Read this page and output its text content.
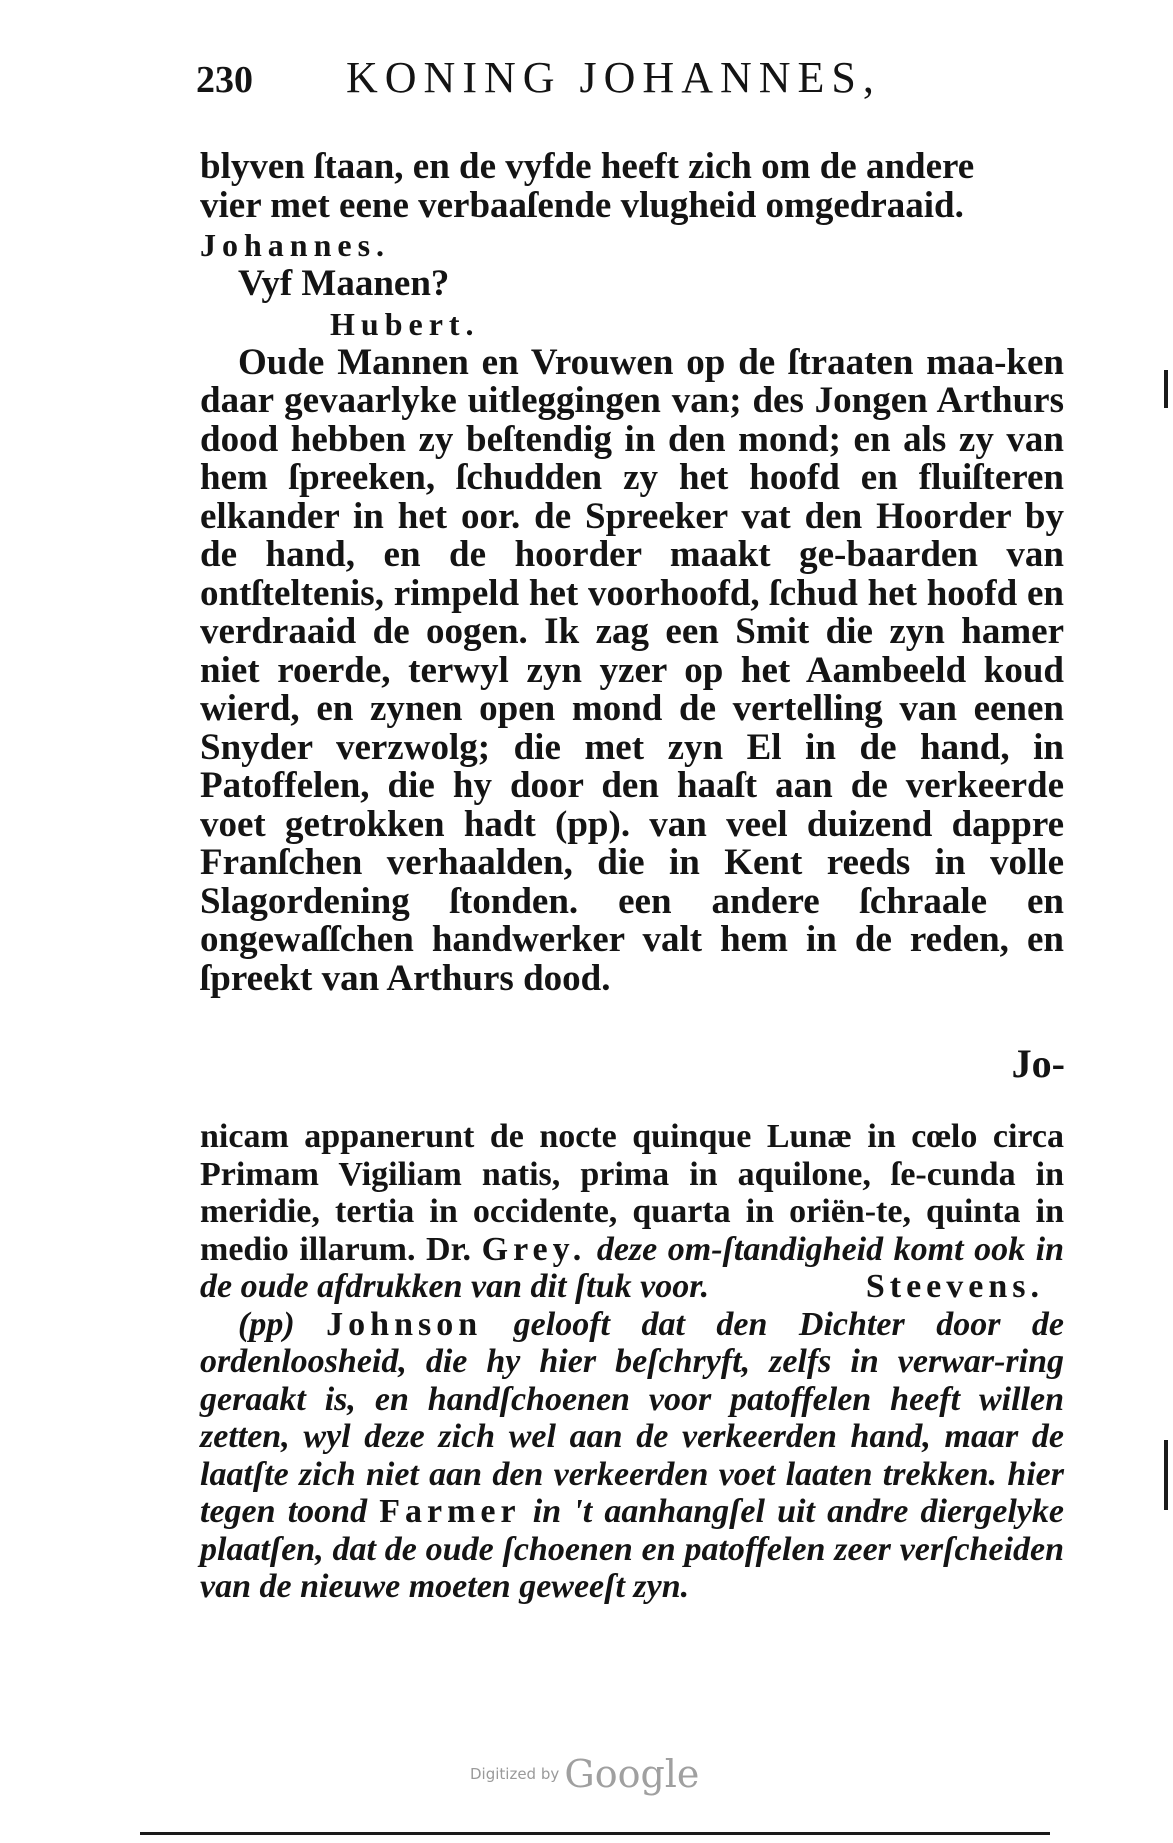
230 KONING JOHANNES,

blyven ſtaan, en de vyfde heeft zich om de andere

vier met eene verbaaſende vlugheid omgedraaid.

Johannes.

Vyf Maanen?

Hubert.

Oude Mannen en Vrouwen op de ſtraaten maa-ken daar gevaarlyke uitleggingen van; des Jongen Arthurs dood hebben zy beſtendig in den mond; en als zy van hem ſpreeken, ſchudden zy het hoofd en fluiſteren elkander in het oor. de Spreeker vat den Hoorder by de hand, en de hoorder maakt ge-baarden van ontſteltenis, rimpeld het voorhoofd, ſchud het hoofd en verdraaid de oogen. Ik zag een Smit die zyn hamer niet roerde, terwyl zyn yzer op het Aambeeld koud wierd, en zynen open mond de vertelling van eenen Snyder verzwolg; die met zyn El in de hand, in Patoffelen, die hy door den haaſt aan de verkeerde voet getrokken hadt (pp). van veel duizend dappre Franſchen verhaalden, die in Kent reeds in volle Slagordening ſtonden. een andere ſchraale en ongewaſſchen handwerker valt hem in de reden, en ſpreekt van Arthurs dood.

Jo-

nicam appanerunt de nocte quinque Lunæ in cœlo circa Primam Vigiliam natis, prima in aquilone, ſe-cunda in meridie, tertia in occidente, quarta in oriën-te, quinta in medio illarum. Dr. Grey. deze om-ſtandigheid komt ook in de oude afdrukken van dit ſtuk voor.	Steevens.

(pp) Johnson gelooft dat den Dichter door de ordenloosheid, die hy hier beſchryft, zelfs in verwar-ring geraakt is, en handſchoenen voor patoffelen heeft willen zetten, wyl deze zich wel aan de verkeerden hand, maar de laatſte zich niet aan den verkeerden voet laaten trekken. hier tegen toond Farmer in 't aanhangſel uit andre diergelyke plaatſen, dat de oude ſchoenen en patoffelen zeer verſcheiden van de nieuwe moeten geweeſt zyn.

Digitized by Google
